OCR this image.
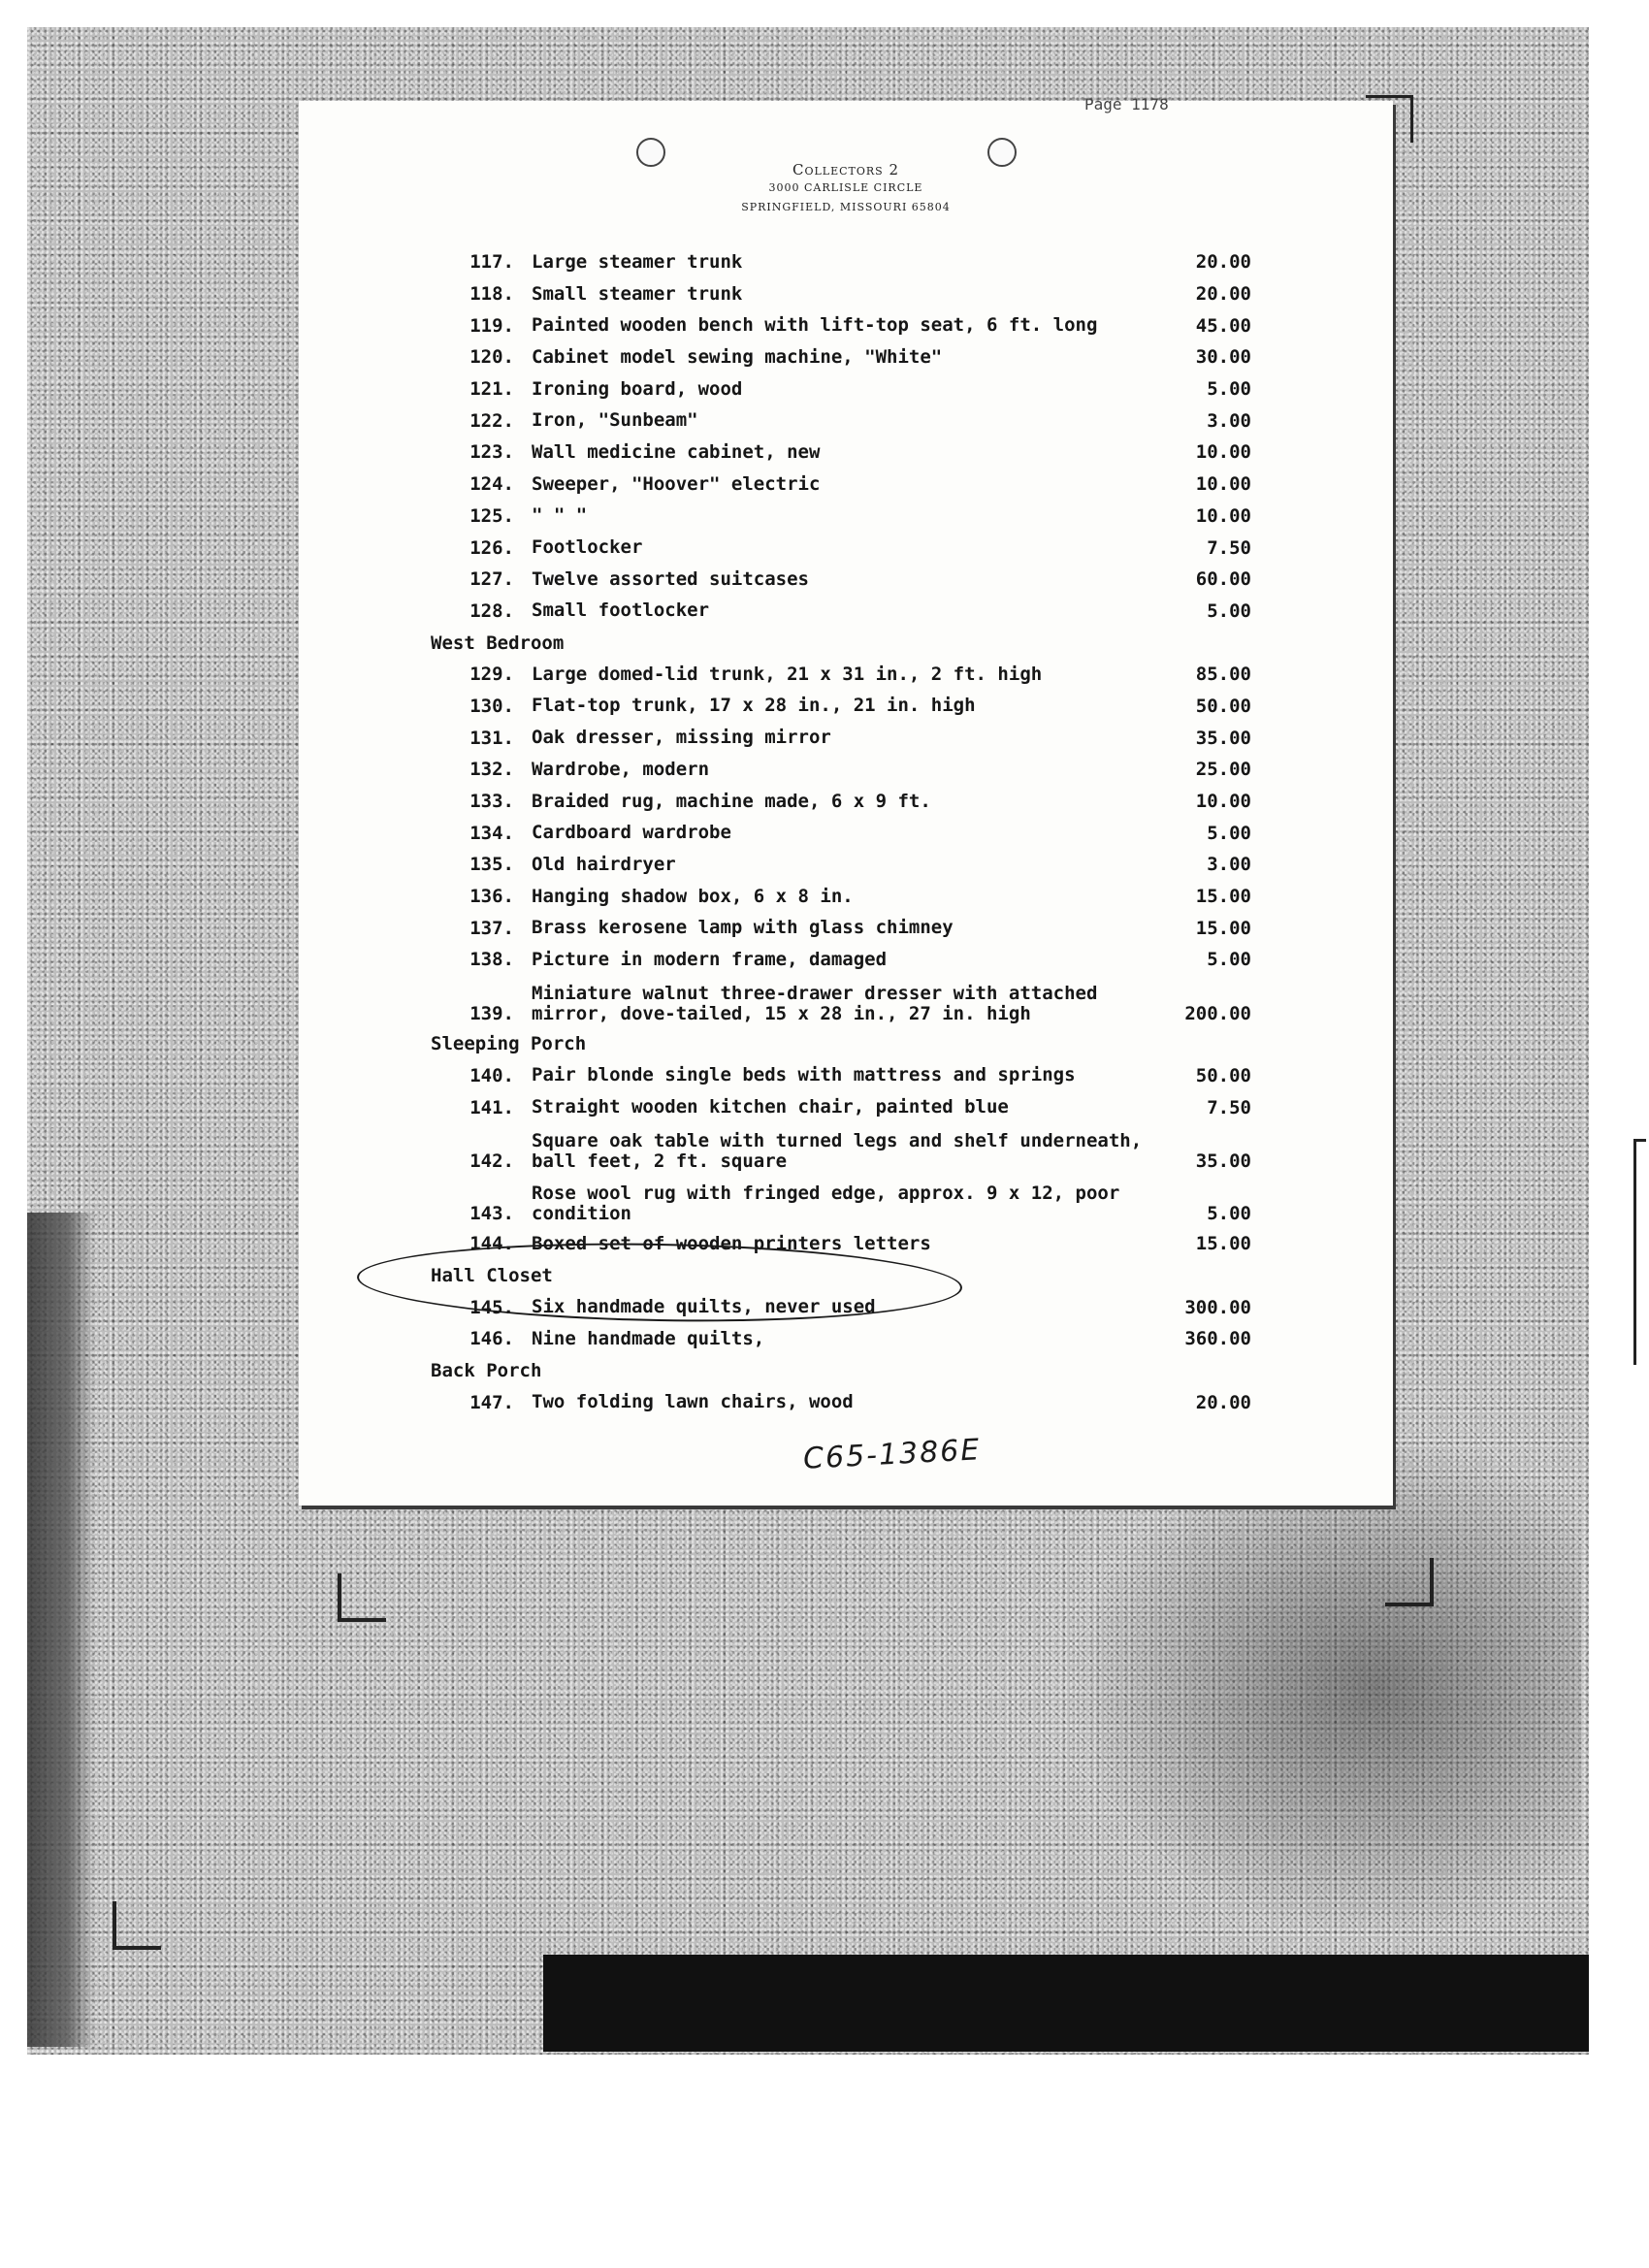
Page 1178
Collectors 2
3000 CARLISLE CIRCLE
SPRINGFIELD, MISSOURI 65804
117. Large steamer trunk	20.00
118. Small steamer trunk	20.00
119. Painted wooden bench with lift-top seat, 6 ft. long	45.00
120. Cabinet model sewing machine, "White"	30.00
121. Ironing board, wood	5.00
122. Iron, "Sunbeam"	3.00
123. Wall medicine cabinet, new	10.00
124. Sweeper, "Hoover" electric	10.00
125. " " "	10.00
126. Footlocker	7.50
127. Twelve assorted suitcases	60.00
128. Small footlocker	5.00
West Bedroom
129. Large domed-lid trunk, 21 x 31 in., 2 ft. high	85.00
130. Flat-top trunk, 17 x 28 in., 21 in. high	50.00
131. Oak dresser, missing mirror	35.00
132. Wardrobe, modern	25.00
133. Braided rug, machine made, 6 x 9 ft.	10.00
134. Cardboard wardrobe	5.00
135. Old hairdryer	3.00
136. Hanging shadow box, 6 x 8 in.	15.00
137. Brass kerosene lamp with glass chimney	15.00
138. Picture in modern frame, damaged	5.00
139.
Miniature walnut three-drawer dresser with attached
mirror, dove-tailed, 15 x 28 in., 27 in. high	200.00
Sleeping Porch
140. Pair blonde single beds with mattress and springs	50.00
141. Straight wooden kitchen chair, painted blue	7.50
142.
Square oak table with turned legs and shelf underneath,
ball feet, 2 ft. square	35.00
143.
Rose wool rug with fringed edge, approx. 9 x 12, poor
condition	5.00
144. Boxed set of wooden printers letters	15.00
Hall Closet
145. Six handmade quilts, never used	300.00
146. Nine handmade quilts,	360.00
Back Porch
147. Two folding lawn chairs, wood	20.00
C65-1386E
